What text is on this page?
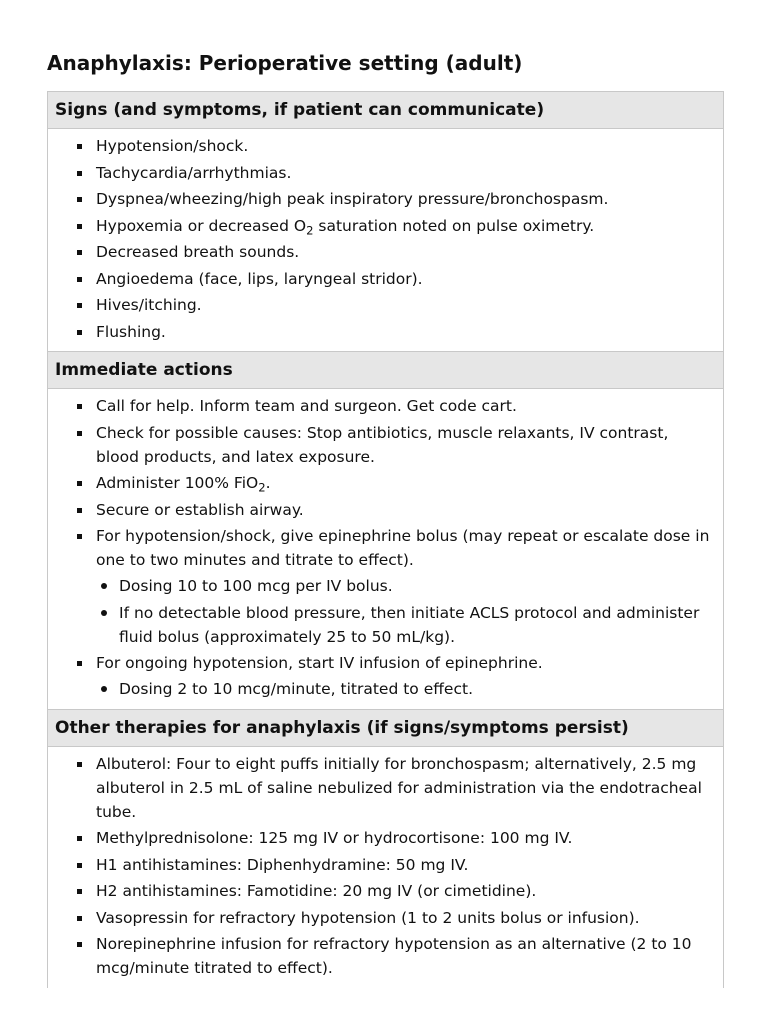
Anaphylaxis: Perioperative setting (adult)
Signs (and symptoms, if patient can communicate)
Hypotension/shock.
Tachycardia/arrhythmias.
Dyspnea/wheezing/high peak inspiratory pressure/bronchospasm.
Hypoxemia or decreased $O_2$ saturation noted on pulse oximetry.
Decreased breath sounds.
Angioedema (face, lips, laryngeal stridor).
Hives/itching.
Flushing.
Immediate actions
Call for help. Inform team and surgeon. Get code cart.
Check for possible causes: Stop antibiotics, muscle relaxants, IV contrast, blood products, and latex exposure.
Administer 100% FiO$_2$.
Secure or establish airway.
For hypotension/shock, give epinephrine bolus (may repeat or escalate dose in one to two minutes and titrate to effect).
Dosing 10 to 100 mcg per IV bolus.
If no detectable blood pressure, then initiate ACLS protocol and administer fluid bolus (approximately 25 to 50 mL/kg).
For ongoing hypotension, start IV infusion of epinephrine.
Dosing 2 to 10 mcg/minute, titrated to effect.
Other therapies for anaphylaxis (if signs/symptoms persist)
Albuterol: Four to eight puffs initially for bronchospasm; alternatively, 2.5 mg albuterol in 2.5 mL of saline nebulized for administration via the endotracheal tube.
Methylprednisolone: 125 mg IV or hydrocortisone: 100 mg IV.
H1 antihistamines: Diphenhydramine: 50 mg IV.
H2 antihistamines: Famotidine: 20 mg IV (or cimetidine).
Vasopressin for refractory hypotension (1 to 2 units bolus or infusion).
Norepinephrine infusion for refractory hypotension as an alternative (2 to 10 mcg/minute titrated to effect).
